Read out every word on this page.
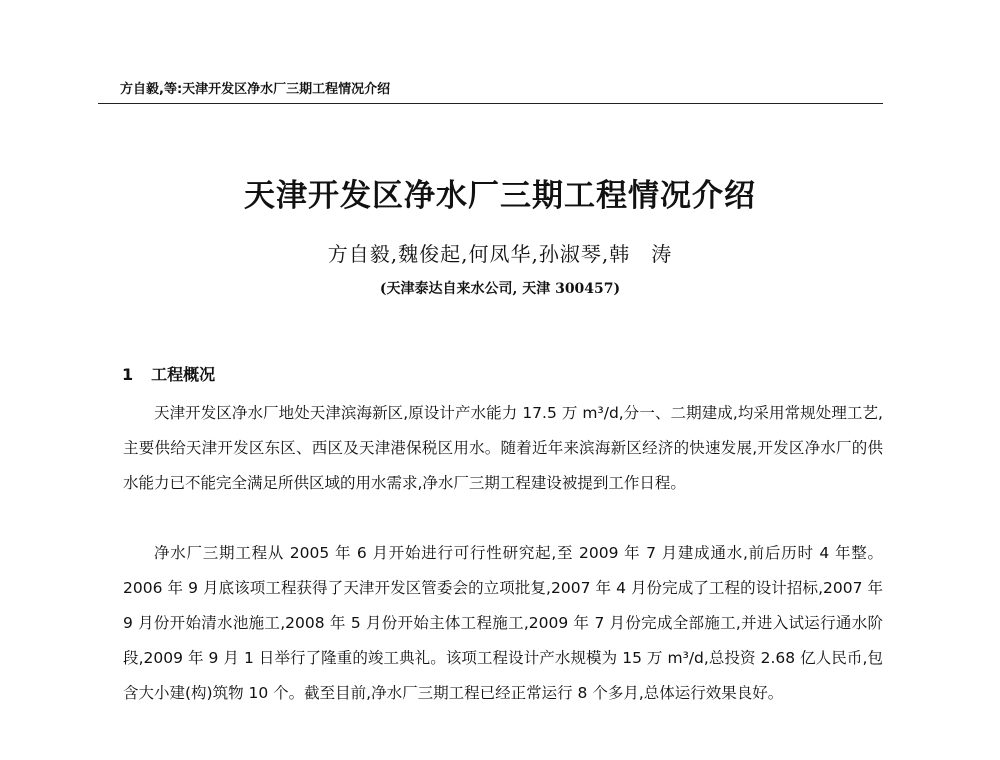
方自毅,等:天津开发区净水厂三期工程情况介绍
天津开发区净水厂三期工程情况介绍
方自毅,魏俊起,何凤华,孙淑琴,韩　涛
(天津泰达自来水公司, 天津 300457)
1 工程概况
天津开发区净水厂地处天津滨海新区,原设计产水能力 17.5 万 m³/d,分一、二期建成,均采用常规处理工艺,主要供给天津开发区东区、西区及天津港保税区用水。随着近年来滨海新区经济的快速发展,开发区净水厂的供水能力已不能完全满足所供区域的用水需求,净水厂三期工程建设被提到工作日程。
净水厂三期工程从 2005 年 6 月开始进行可行性研究起,至 2009 年 7 月建成通水,前后历时 4 年整。2006 年 9 月底该项工程获得了天津开发区管委会的立项批复,2007 年 4 月份完成了工程的设计招标,2007 年 9 月份开始清水池施工,2008 年 5 月份开始主体工程施工,2009 年 7 月份完成全部施工,并进入试运行通水阶段,2009 年 9 月 1 日举行了隆重的竣工典礼。该项工程设计产水规模为 15 万 m³/d,总投资 2.68 亿人民币,包含大小建(构)筑物 10 个。截至目前,净水厂三期工程已经正常运行 8 个多月,总体运行效果良好。
